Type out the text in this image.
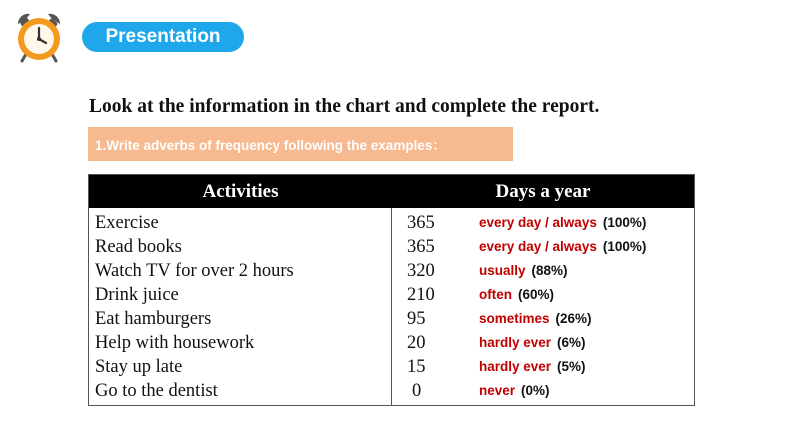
Presentation
Look at the information in the chart and complete the report.
1.Write adverbs of frequency following the examples：
Activities	Days a year
Exercise	365	every day / always (100%)
Read books	365	every day / always (100%)
Watch TV for over 2 hours	320	usually (88%)
Drink juice	210	often (60%)
Eat hamburgers	95	sometimes (26%)
Help with housework	20	hardly ever (6%)
Stay up late	15	hardly ever (5%)
Go to the dentist	0	never (0%)
